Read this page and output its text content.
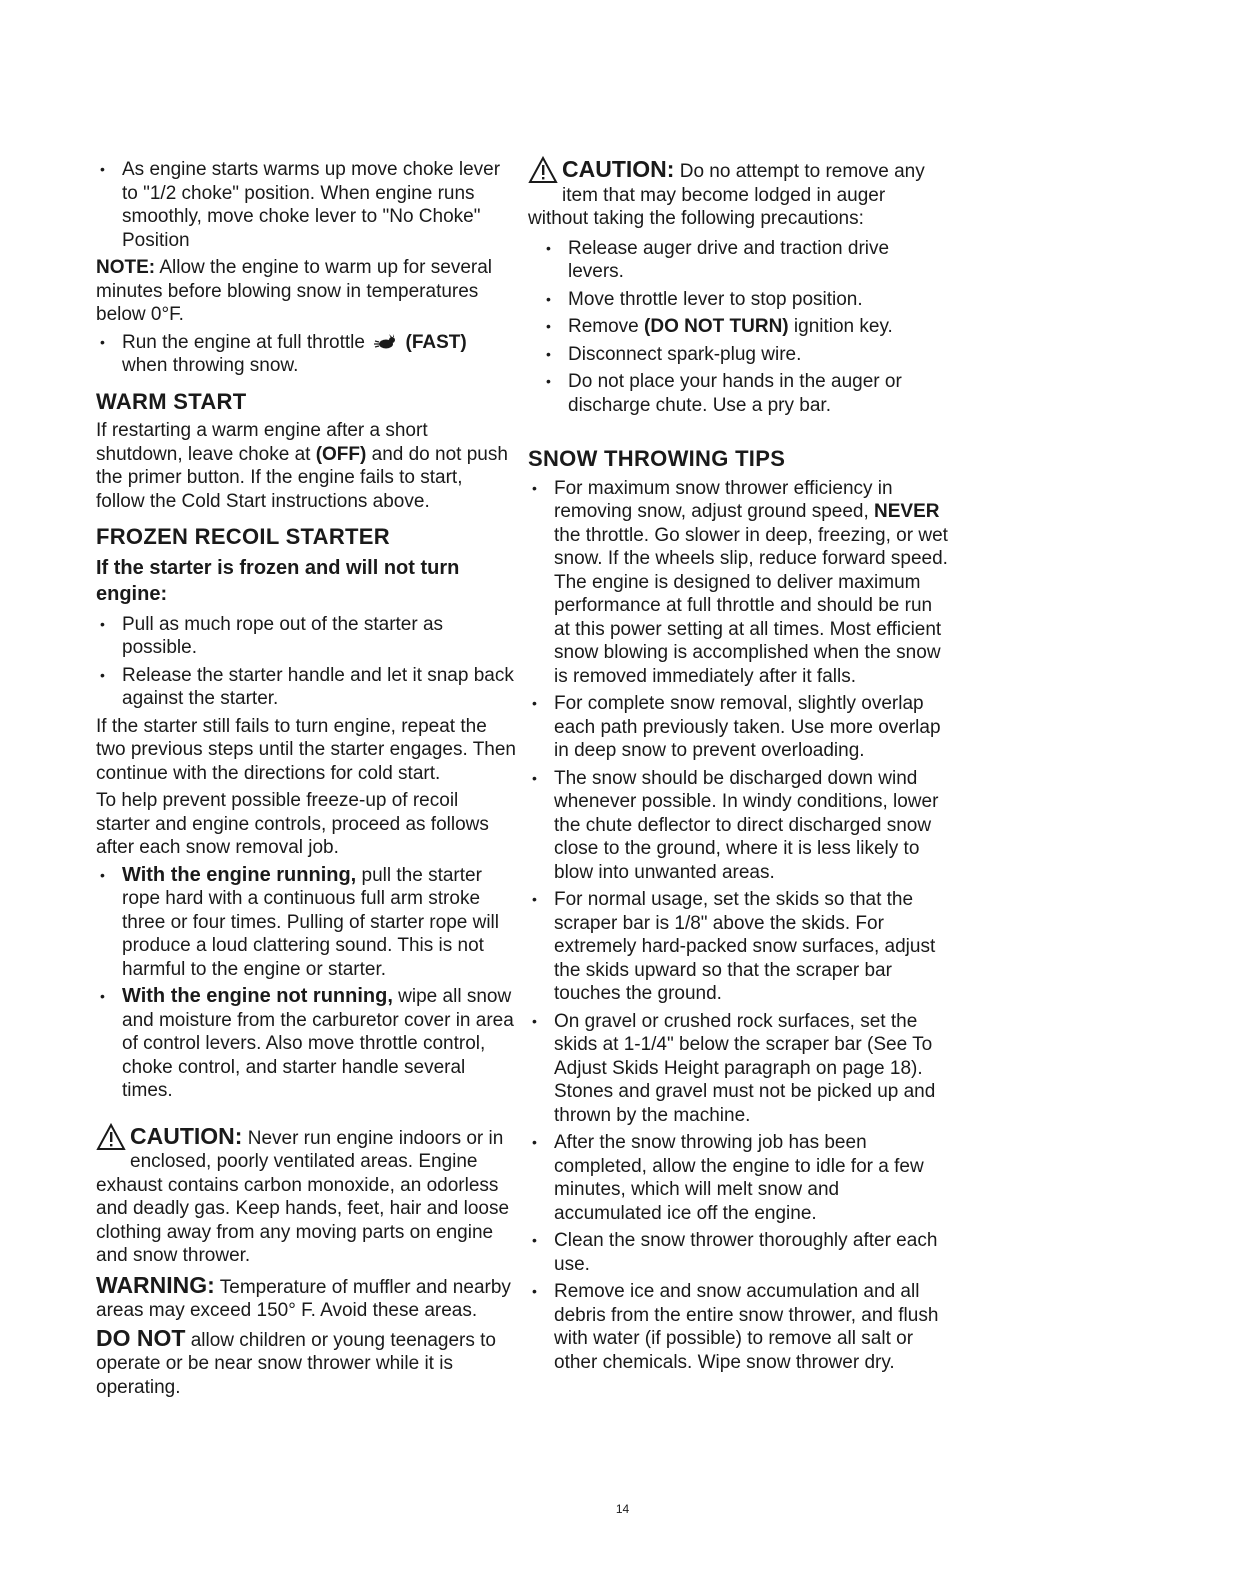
• As engine starts warms up move choke lever to "1/2 choke" position. When engine runs smoothly, move choke lever to "No Choke" Position

NOTE: Allow the engine to warm up for several minutes before blowing snow in temperatures below 0°F.

• Run the engine at full throttle (FAST) when throwing snow.
WARM START

If restarting a warm engine after a short shutdown, leave choke at (OFF) and do not push the primer button. If the engine fails to start, follow the Cold Start instructions above.

FROZEN RECOIL STARTER
If the starter is frozen and will not turn engine:
• Pull as much rope out of the starter as possible.
• Release the starter handle and let it snap back against the starter.

If the starter still fails to turn engine, repeat the two previous steps until the starter engages. Then continue with the directions for cold start.

To help prevent possible freeze-up of recoil starter and engine controls, proceed as follows after each snow removal job.

• With the engine running, pull the starter rope hard with a continuous full arm stroke three or four times. Pulling of starter rope will produce a loud clattering sound. This is not harmful to the engine or starter.
• With the engine not running, wipe all snow and moisture from the carburetor cover in area of control levers. Also move throttle control, choke control, and starter handle several times.
CAUTION: Never run engine indoors or in enclosed, poorly ventilated areas. Engine exhaust contains carbon monoxide, an odorless and deadly gas. Keep hands, feet, hair and loose clothing away from any moving parts on engine and snow thrower.

WARNING: Temperature of muffler and nearby areas may exceed 150° F. Avoid these areas.

DO NOT allow children or young teenagers to operate or be near snow thrower while it is operating.

CAUTION: Do no attempt to remove any item that may become lodged in auger without taking the following precautions:
• Release auger drive and traction drive levers.
• Move throttle lever to stop position.
• Remove (DO NOT TURN) ignition key.
• Disconnect spark-plug wire.
• Do not place your hands in the auger or discharge chute. Use a pry bar.
SNOW THROWING TIPS
• For maximum snow thrower efficiency in removing snow, adjust ground speed, NEVER the throttle. Go slower in deep, freezing, or wet snow. If the wheels slip, reduce forward speed. The engine is designed to deliver maximum performance at full throttle and should be run at this power setting at all times. Most efficient snow blowing is accomplished when the snow is removed immediately after it falls.
• For complete snow removal, slightly overlap each path previously taken. Use more overlap in deep snow to prevent overloading.
• The snow should be discharged down wind whenever possible. In windy conditions, lower the chute deflector to direct discharged snow close to the ground, where it is less likely to blow into unwanted areas.
• For normal usage, set the skids so that the scraper bar is 1/8" above the skids. For extremely hard-packed snow surfaces, adjust the skids upward so that the scraper bar touches the ground.
• On gravel or crushed rock surfaces, set the skids at 1-1/4" below the scraper bar (See To Adjust Skids Height paragraph on page 18). Stones and gravel must not be picked up and thrown by the machine.
• After the snow throwing job has been completed, allow the engine to idle for a few minutes, which will melt snow and accumulated ice off the engine.
• Clean the snow thrower thoroughly after each use.
• Remove ice and snow accumulation and all debris from the entire snow thrower, and flush with water (if possible) to remove all salt or other chemicals. Wipe snow thrower dry.
14
